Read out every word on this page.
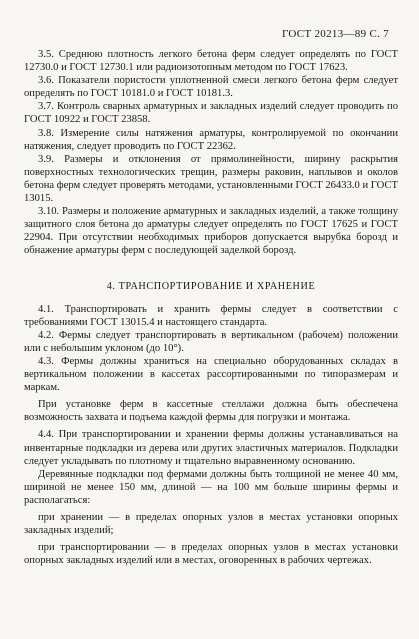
ГОСТ 20213—89 С. 7

3.5. Среднюю плотность легкого бетона ферм следует определять по ГОСТ 12730.0 и ГОСТ 12730.1 или радиоизотопным методом по ГОСТ 17623.

3.6. Показатели пористости уплотненной смеси легкого бетона ферм следует определять по ГОСТ 10181.0 и ГОСТ 10181.3.

3.7. Контроль сварных арматурных и закладных изделий следует проводить по ГОСТ 10922 и ГОСТ 23858.

3.8. Измерение силы натяжения арматуры, контролируемой по окончании натяжения, следует проводить по ГОСТ 22362.

3.9. Размеры и отклонения от прямолинейности, ширину раскрытия поверхностных технологических трещин, размеры раковин, наплывов и околов бетона ферм следует проверять методами, установленными ГОСТ 26433.0 и ГОСТ 13015.

3.10. Размеры и положение арматурных и закладных изделий, а также толщину защитного слоя бетона до арматуры следует определять по ГОСТ 17625 и ГОСТ 22904. При отсутствии необходимых приборов допускается вырубка борозд и обнажение арматуры ферм с последующей заделкой борозд.

4. ТРАНСПОРТИРОВАНИЕ И ХРАНЕНИЕ

4.1. Транспортировать и хранить фермы следует в соответствии с требованиями ГОСТ 13015.4 и настоящего стандарта.

4.2. Фермы следует транспортировать в вертикальном (рабочем) положении или с небольшим уклоном (до 10°).

4.3. Фермы должны храниться на специально оборудованных складах в вертикальном положении в кассетах рассортированными по типоразмерам и маркам.

При установке ферм в кассетные стеллажи должна быть обеспечена возможность захвата и подъема каждой фермы для погрузки и монтажа.

4.4. При транспортировании и хранении фермы должны устанавливаться на инвентарные подкладки из дерева или других эластичных материалов. Подкладки следует укладывать по плотному и тщательно выравненному основанию.

Деревянные подкладки под фермами должны быть толщиной не менее 40 мм, шириной не менее 150 мм, длиной — на 100 мм больше ширины фермы и располагаться:

при хранении — в пределах опорных узлов в местах установки опорных закладных изделий;

при транспортировании — в пределах опорных узлов в местах установки опорных закладных изделий или в местах, оговоренных в рабочих чертежах.
